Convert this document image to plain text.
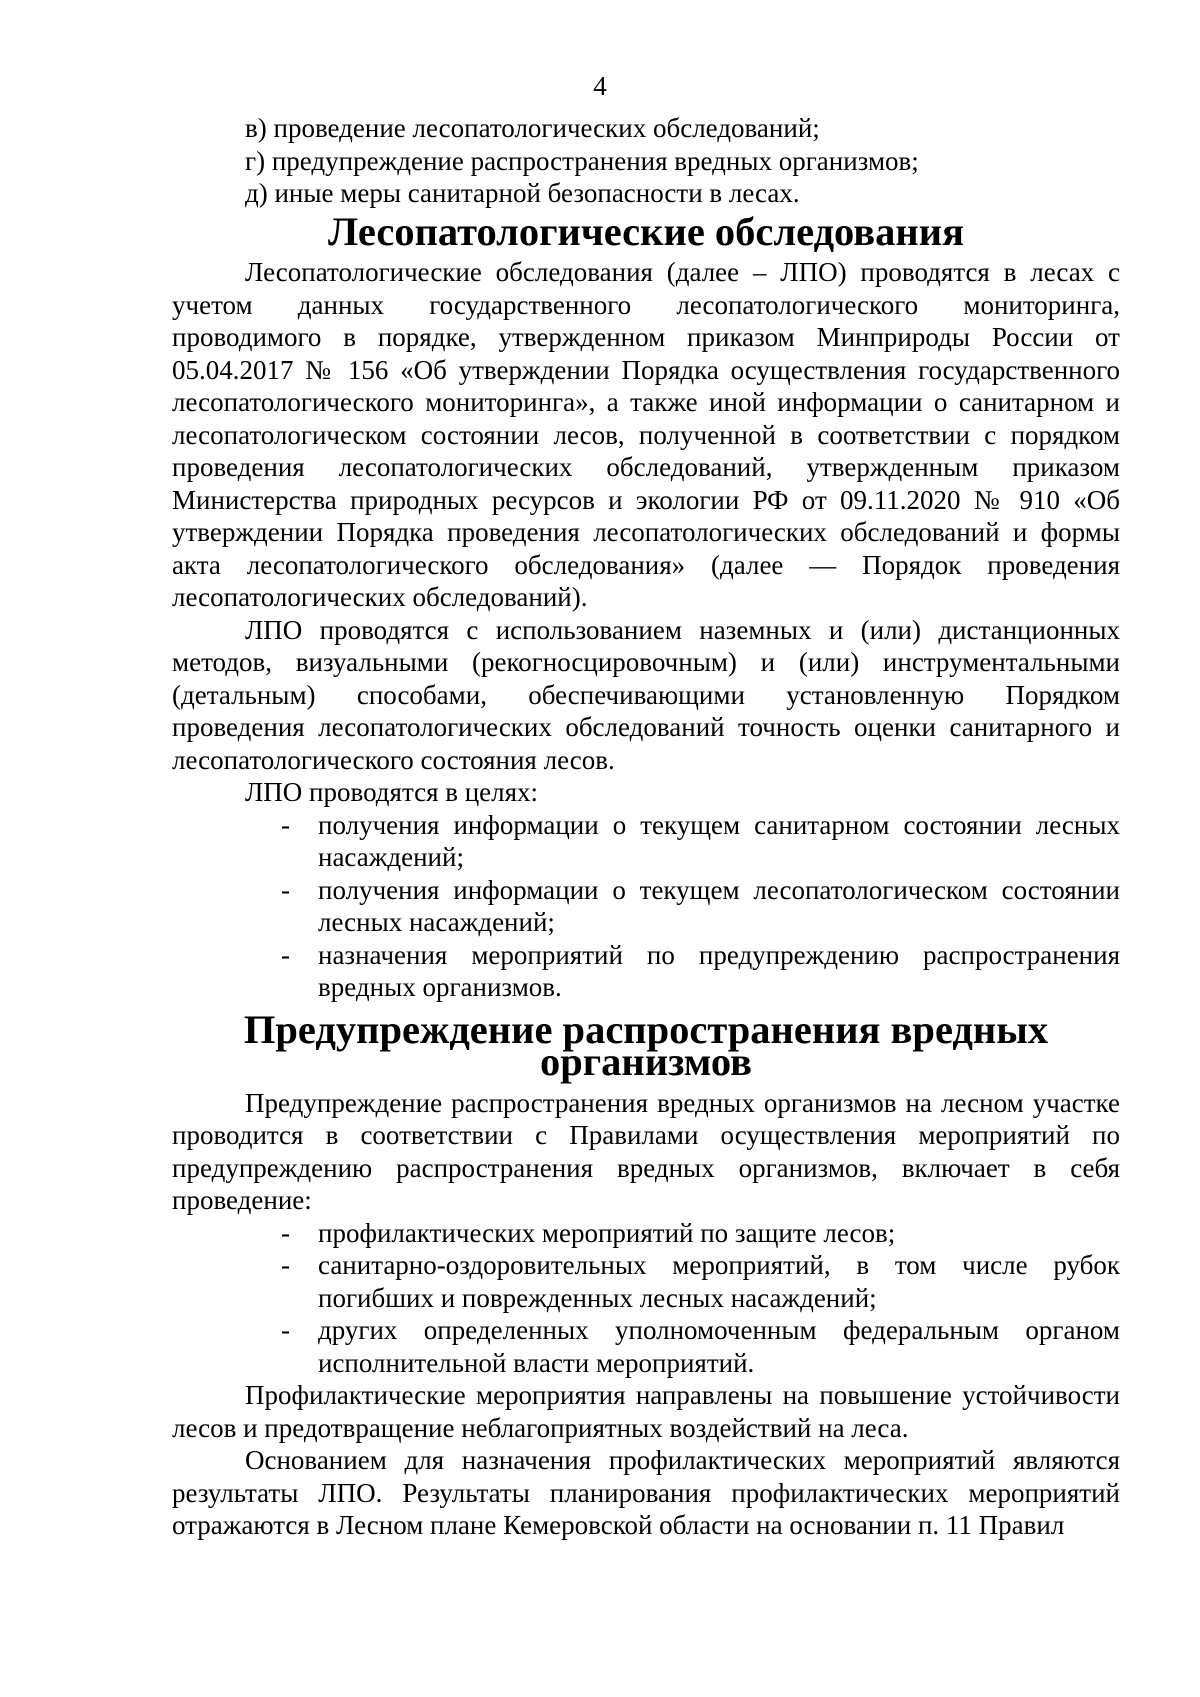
4

в) проведение лесопатологических обследований;

г) предупреждение распространения вредных организмов;

д) иные меры санитарной безопасности в лесах.

Лесопатологические обследования

Лесопатологические обследования (далее – ЛПО) проводятся в лесах с учетом данных государственного лесопатологического мониторинга, проводимого в порядке, утвержденном приказом Минприроды России от 05.04.2017 № 156 «Об утверждении Порядка осуществления государственного лесопатологического мониторинга», а также иной информации о санитарном и лесопатологическом состоянии лесов, полученной в соответствии с порядком проведения лесопатологических обследований, утвержденным приказом Министерства природных ресурсов и экологии РФ от 09.11.2020 № 910 «Об утверждении Порядка проведения лесопатологических обследований и формы акта лесопатологического обследования» (далее — Порядок проведения лесопатологических обследований).

ЛПО проводятся с использованием наземных и (или) дистанционных методов, визуальными (рекогносцировочным) и (или) инструментальными (детальным) способами, обеспечивающими установленную Порядком проведения лесопатологических обследований точность оценки санитарного и лесопатологического состояния лесов.

ЛПО проводятся в целях:

- получения информации о текущем санитарном состоянии лесных насаждений;
- получения информации о текущем лесопатологическом состоянии лесных насаждений;
- назначения мероприятий по предупреждению распространения вредных организмов.
Предупреждение распространения вредных организмов

Предупреждение распространения вредных организмов на лесном участке проводится в соответствии с Правилами осуществления мероприятий по предупреждению распространения вредных организмов, включает в себя проведение:

- профилактических мероприятий по защите лесов;
- санитарно-оздоровительных мероприятий, в том числе рубок погибших и поврежденных лесных насаждений;
- других определенных уполномоченным федеральным органом исполнительной власти мероприятий.

Профилактические мероприятия направлены на повышение устойчивости лесов и предотвращение неблагоприятных воздействий на леса.

Основанием для назначения профилактических мероприятий являются результаты ЛПО. Результаты планирования профилактических мероприятий отражаются в Лесном плане Кемеровской области на основании п. 11 Правил
